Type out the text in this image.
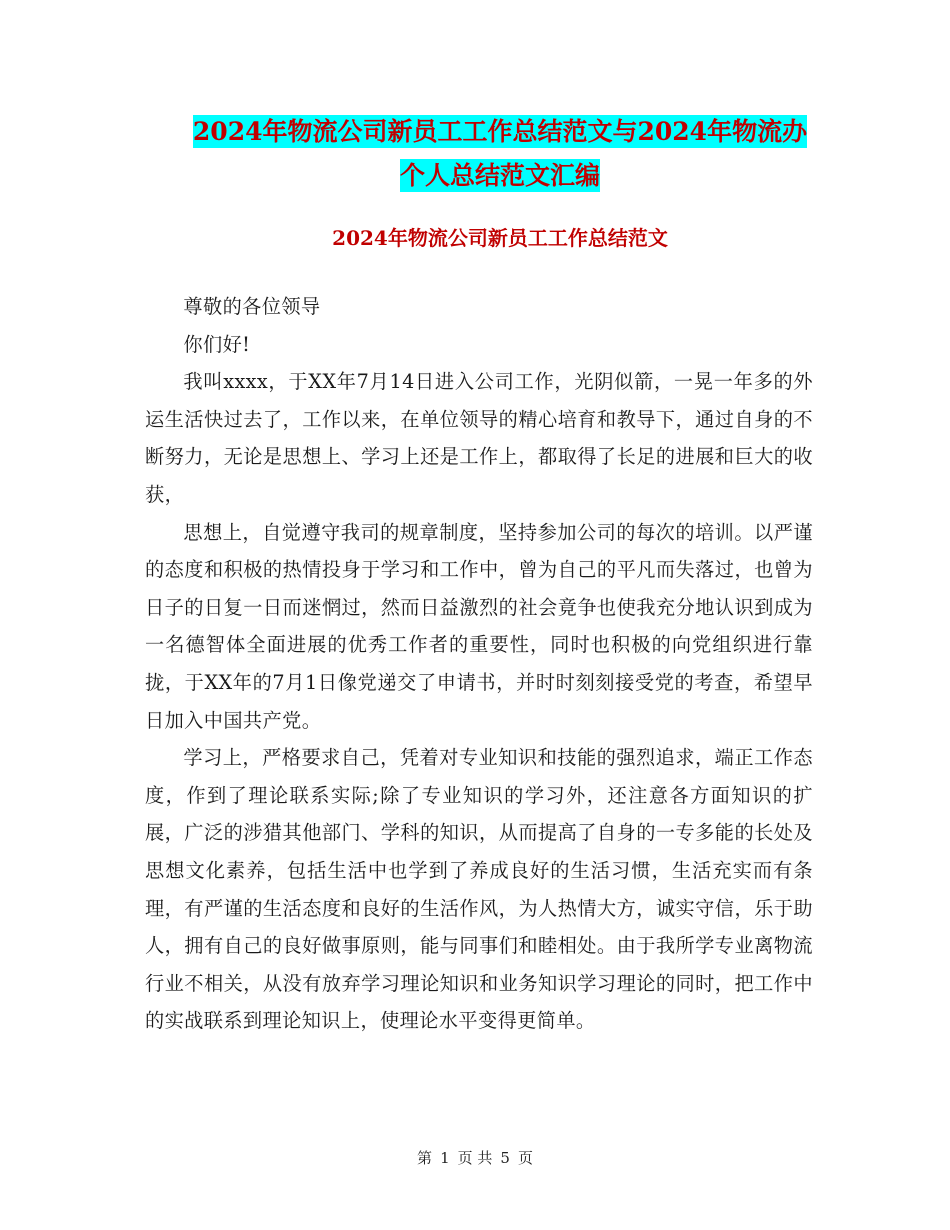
2024年物流公司新员工工作总结范文与2024年物流办
个人总结范文汇编
2024年物流公司新员工工作总结范文

尊敬的各位领导

你们好!

我叫xxxx，于XX年7月14日进入公司工作，光阴似箭，一晃一年多的外运生活快过去了，工作以来，在单位领导的精心培育和教导下，通过自身的不断努力，无论是思想上、学习上还是工作上，都取得了长足的进展和巨大的收获，

思想上，自觉遵守我司的规章制度，坚持参加公司的每次的培训。以严谨的态度和积极的热情投身于学习和工作中，曾为自己的平凡而失落过，也曾为日子的日复一日而迷惘过，然而日益激烈的社会竟争也使我充分地认识到成为一名德智体全面进展的优秀工作者的重要性，同时也积极的向党组织进行靠拢，于XX年的7月1日像党递交了申请书，并时时刻刻接受党的考查，希望早日加入中国共产党。

学习上，严格要求自己，凭着对专业知识和技能的强烈追求，端正工作态度，作到了理论联系实际;除了专业知识的学习外，还注意各方面知识的扩展，广泛的涉猎其他部门、学科的知识，从而提高了自身的一专多能的长处及思想文化素养，包括生活中也学到了养成良好的生活习惯，生活充实而有条理，有严谨的生活态度和良好的生活作风，为人热情大方，诚实守信，乐于助人，拥有自己的良好做事原则，能与同事们和睦相处。由于我所学专业离物流行业不相关，从没有放弃学习理论知识和业务知识学习理论的同时，把工作中的实战联系到理论知识上，使理论水平变得更简单。

第 1 页 共 5 页
